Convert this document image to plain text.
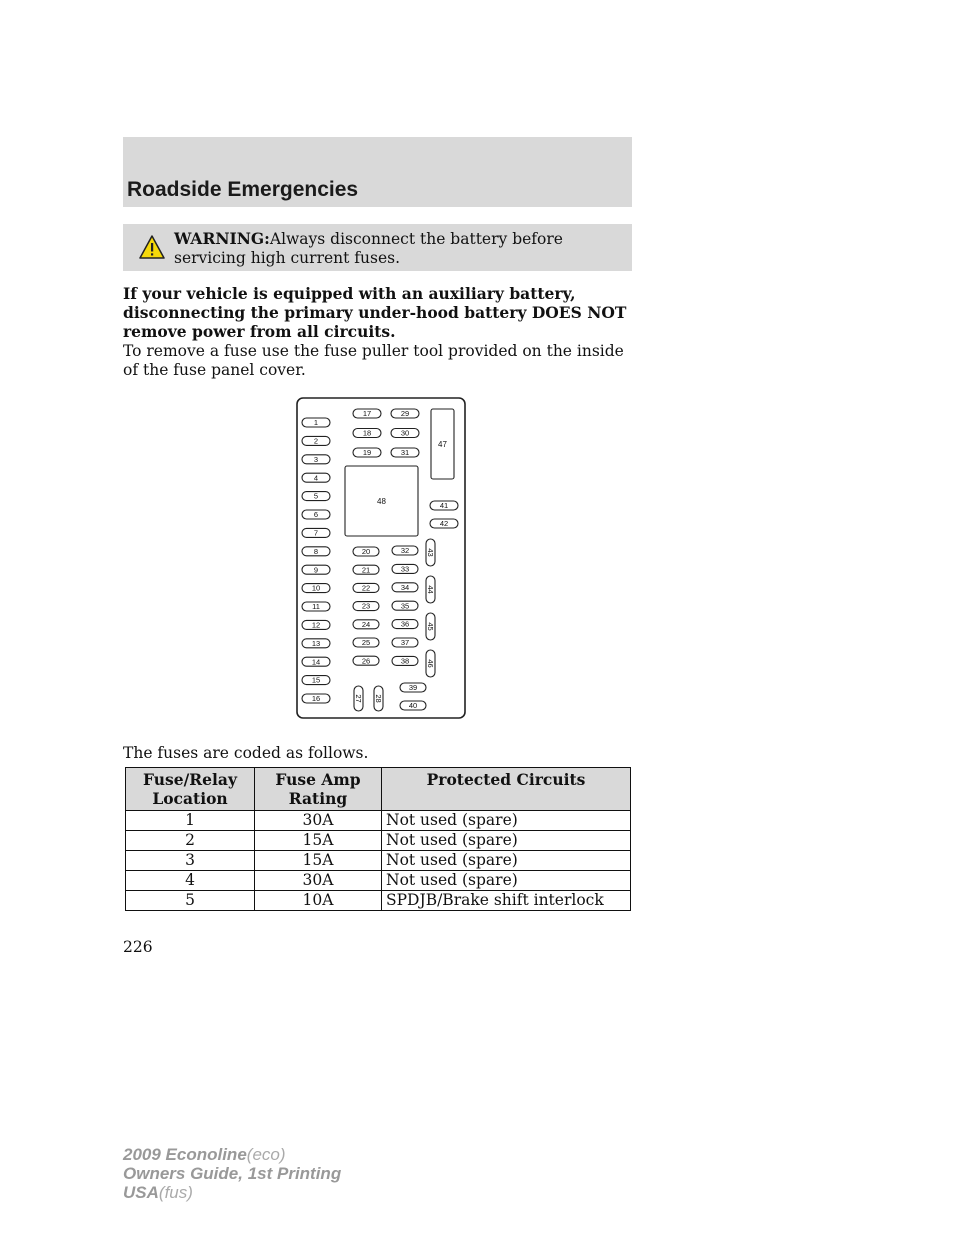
Roadside Emergencies
WARNING:Always disconnect the battery before servicing high current fuses.
If your vehicle is equipped with an auxiliary battery, disconnecting the primary under-hood battery DOES NOT remove power from all circuits.
To remove a fuse use the fuse puller tool provided on the inside of the fuse panel cover.
1
2
3
4
5
6
7
8
9
10
11
12
13
14
15
16
17
18
19
29
30
31
48
47
41
42
20
21
22
23
24
25
26
32
33
34
35
36
37
38
43
44
45
46
27 28
39
40
The fuses are coded as follows.
Fuse/Relay Location	Fuse Amp Rating	Protected Circuits
1	30A	Not used (spare)
2	15A	Not used (spare)
3	15A	Not used (spare)
4	30A	Not used (spare)
5	10A	SPDJB/Brake shift interlock
226
2009 Econoline(eco)
Owners Guide, 1st Printing
USA(fus)
